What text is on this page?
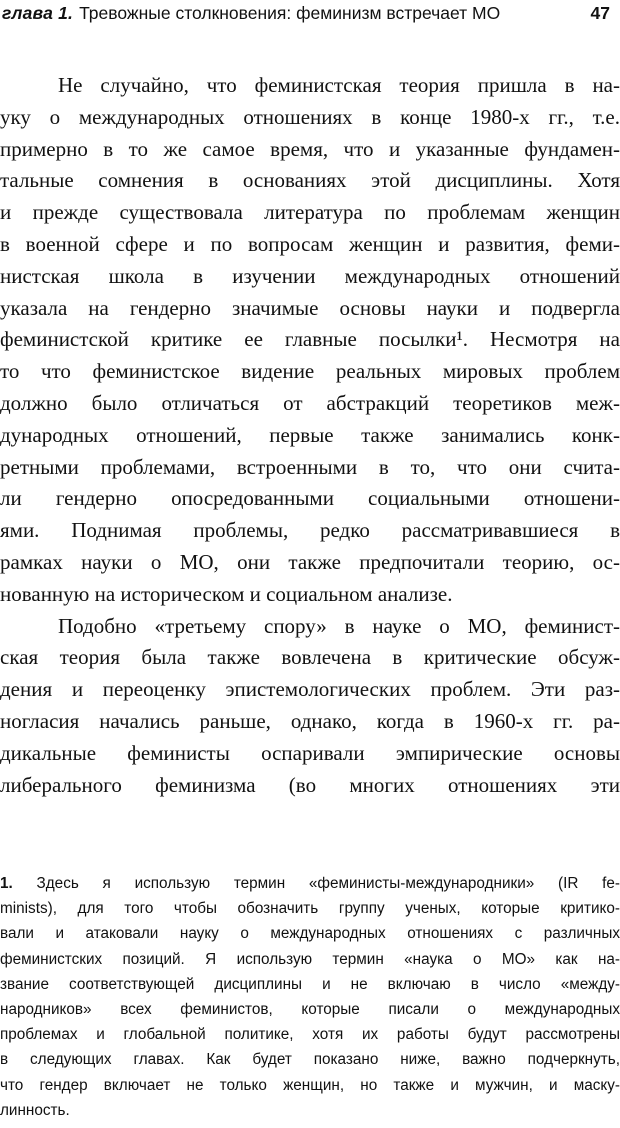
глава 1. Тревожные столкновения: феминизм встречает МО	47
Не случайно, что феминистская теория пришла в на-
уку о международных отношениях в конце 1980-х гг., т.е.
примерно в то же самое время, что и указанные фундамен-
тальные сомнения в основаниях этой дисциплины. Хотя
и прежде существовала литература по проблемам женщин
в военной сфере и по вопросам женщин и развития, феми-
нистская школа в изучении международных отношений
указала на гендерно значимые основы науки и подвергла
феминистской критике ее главные посылки¹. Несмотря на
то что феминистское видение реальных мировых проблем
должно было отличаться от абстракций теоретиков меж-
дународных отношений, первые также занимались конк-
ретными проблемами, встроенными в то, что они счита-
ли гендерно опосредованными социальными отношени-
ями. Поднимая проблемы, редко рассматривавшиеся в
рамках науки о МО, они также предпочитали теорию, ос-
нованную на историческом и социальном анализе.
Подобно «третьему спору» в науке о МО, феминист-
ская теория была также вовлечена в критические обсуж-
дения и переоценку эпистемологических проблем. Эти раз-
ногласия начались раньше, однако, когда в 1960-х гг. ра-
дикальные феминисты оспаривали эмпирические основы
либерального феминизма (во многих отношениях эти
1. Здесь я использую термин «феминисты-международники» (IR fe-
minists), для того чтобы обозначить группу ученых, которые критико-
вали и атаковали науку о международных отношениях с различных
феминистских позиций. Я использую термин «наука о МО» как на-
звание соответствующей дисциплины и не включаю в число «между-
народников» всех феминистов, которые писали о международных
проблемах и глобальной политике, хотя их работы будут рассмотрены
в следующих главах. Как будет показано ниже, важно подчеркнуть,
что гендер включает не только женщин, но также и мужчин, и маску-
линность.
